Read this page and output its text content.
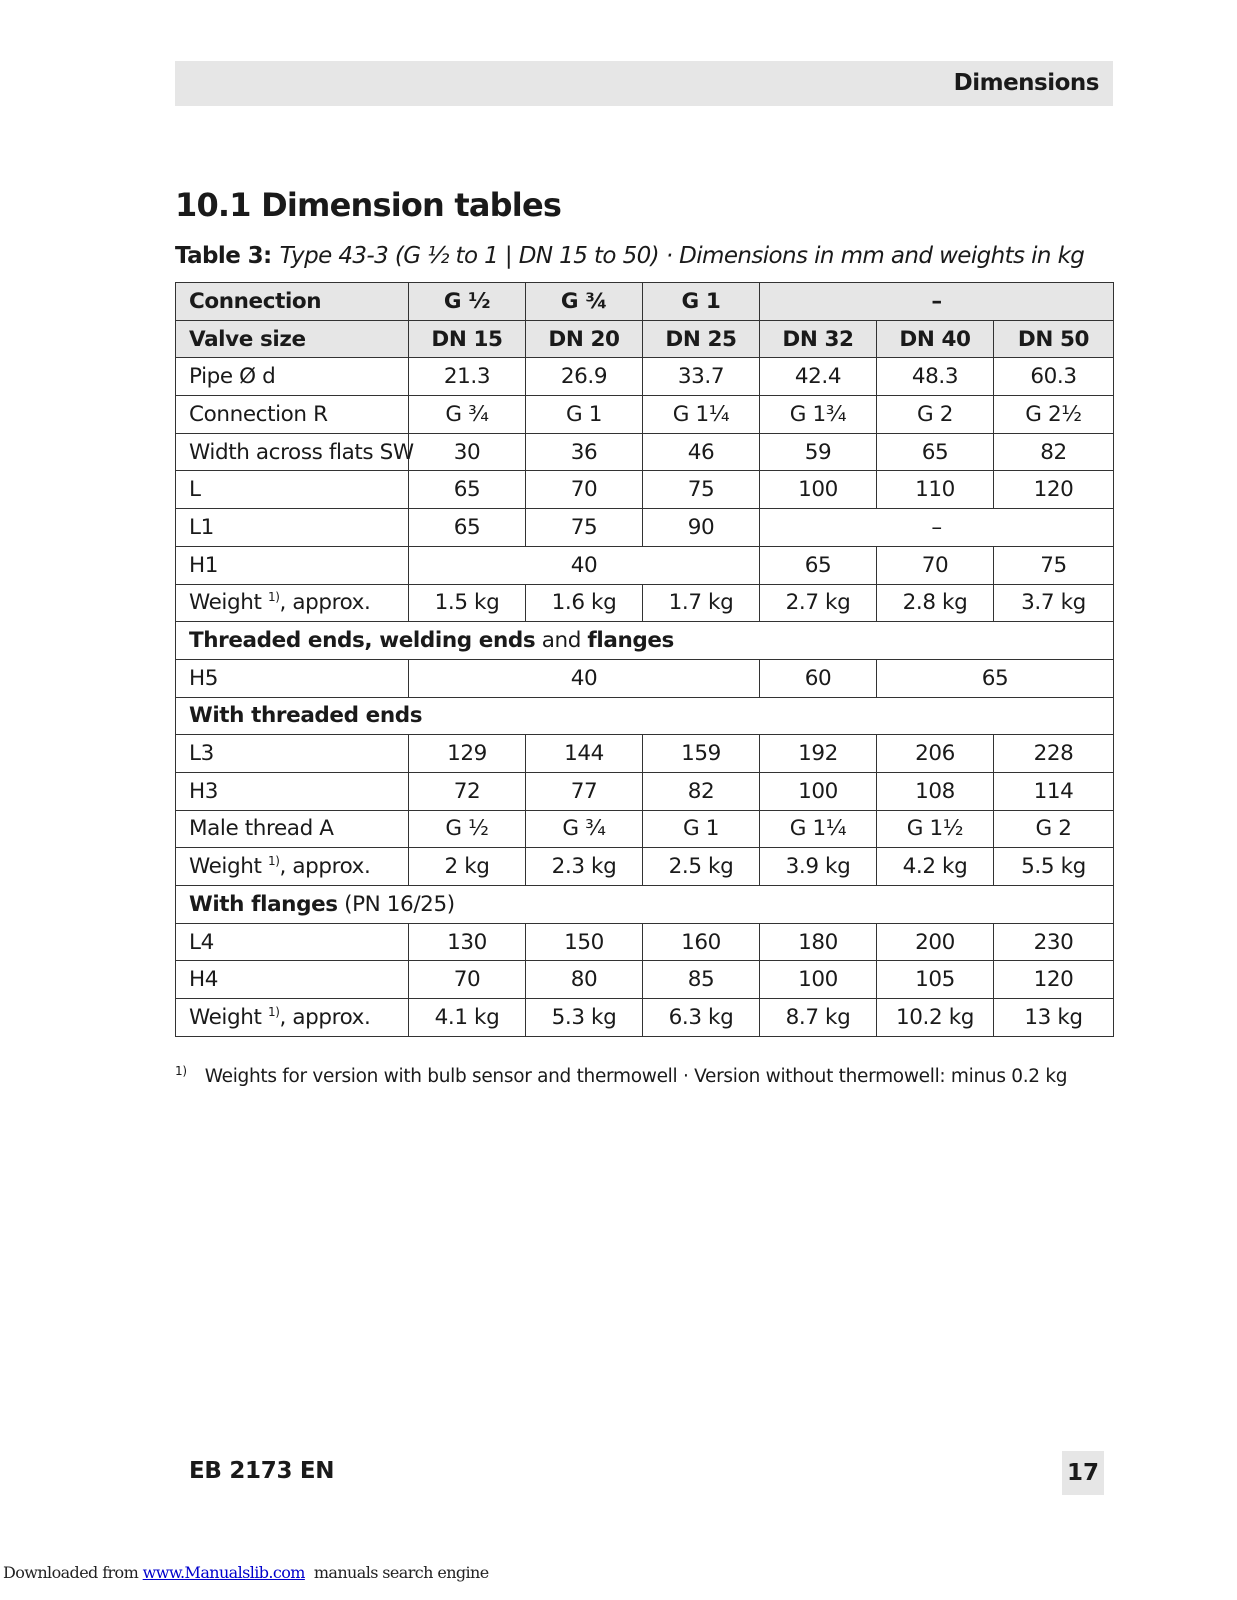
Dimensions
10.1 Dimension tables
Table 3: Type 43-3 (G ½ to 1 | DN 15 to 50) · Dimensions in mm and weights in kg
Connection	G ½	G ¾	G 1	–		
Valve size	DN 15	DN 20	DN 25	DN 32	DN 40	DN 50
Pipe Ø d	21.3	26.9	33.7	42.4	48.3	60.3
Connection R	G ¾	G 1	G 1¼	G 1¾	G 2	G 2½
Width across flats SW	30	36	46	59	65	82
L	65	70	75	100	110	120
L1	65	75	90	–		
H1	40			65	70	75
Weight $^{1)}$, approx.	1.5 kg	1.6 kg	1.7 kg	2.7 kg	2.8 kg	3.7 kg
Threaded ends, welding ends and flanges						
H5	40			60	65	
With threaded ends						
L3	129	144	159	192	206	228
H3	72	77	82	100	108	114
Male thread A	G ½	G ¾	G 1	G 1¼	G 1½	G 2
Weight $^{1)}$, approx.	2 kg	2.3 kg	2.5 kg	3.9 kg	4.2 kg	5.5 kg
With flanges (PN 16/25)						
L4	130	150	160	180	200	230
H4	70	80	85	100	105	120
Weight $^{1)}$, approx.	4.1 kg	5.3 kg	6.3 kg	8.7 kg	10.2 kg	13 kg
$^{1)}$ Weights for version with bulb sensor and thermowell · Version without thermowell: minus 0.2 kg
EB 2173 EN	17
Downloaded from www.Manualslib.com  manuals search engine
